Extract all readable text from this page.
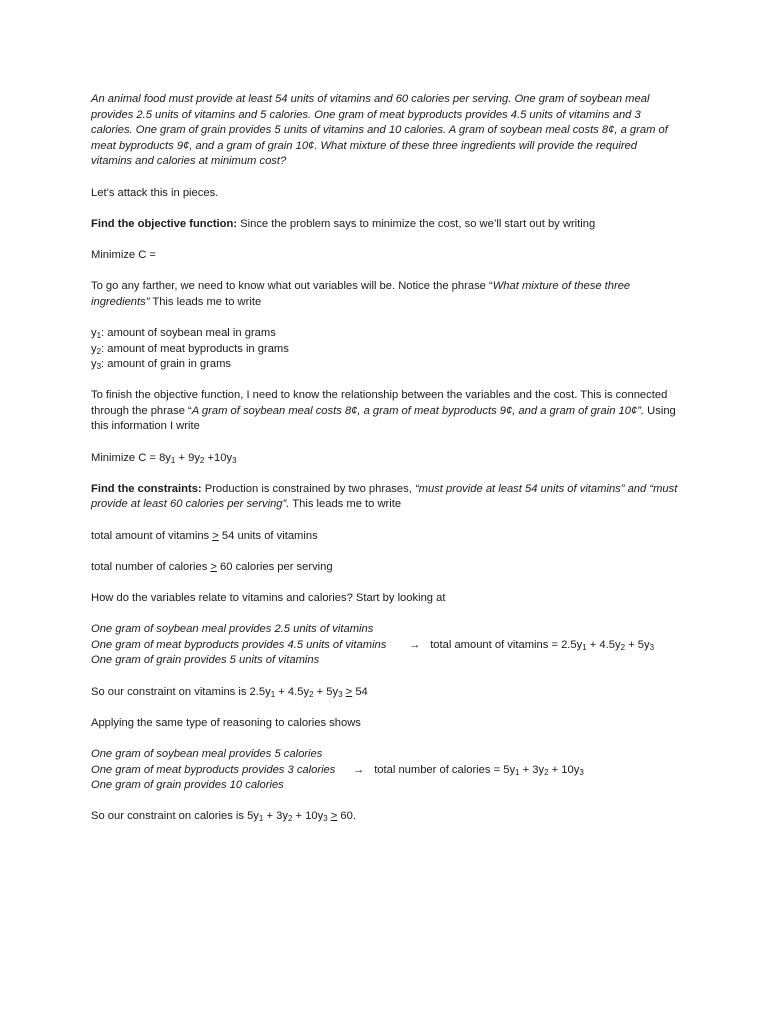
An animal food must provide at least 54 units of vitamins and 60 calories per serving. One gram of soybean meal provides 2.5 units of vitamins and 5 calories. One gram of meat byproducts provides 4.5 units of vitamins and 3 calories. One gram of grain provides 5 units of vitamins and 10 calories. A gram of soybean meal costs 8¢, a gram of meat byproducts 9¢, and a gram of grain 10¢. What mixture of these three ingredients will provide the required vitamins and calories at minimum cost?

Let’s attack this in pieces.

Find the objective function: Since the problem says to minimize the cost, so we’ll start out by writing

Minimize C =

To go any farther, we need to know what out variables will be. Notice the phrase “What mixture of these three ingredients” This leads me to write

$y_1$: amount of soybean meal in grams
$y_2$: amount of meat byproducts in grams
$y_3$: amount of grain in grams

To finish the objective function, I need to know the relationship between the variables and the cost. This is connected through the phrase “A gram of soybean meal costs 8¢, a gram of meat byproducts 9¢, and a gram of grain 10¢”. Using this information I write

Minimize $C = 8y_1 + 9y_2 +10y_3$

Find the constraints: Production is constrained by two phrases, “must provide at least 54 units of vitamins” and “must provide at least 60 calories per serving”. This leads me to write

total amount of vitamins > 54 units of vitamins

total number of calories > 60 calories per serving

How do the variables relate to vitamins and calories? Start by looking at

One gram of soybean meal provides 2.5 units of vitamins
One gram of meat byproducts provides 4.5 units of vitamins	→ total amount of vitamins = $2.5y_1 + 4.5y_2 + 5y_3$
One gram of grain provides 5 units of vitamins

So our constraint on vitamins is $2.5y_1 + 4.5y_2 + 5y_3 > 54$

Applying the same type of reasoning to calories shows

One gram of soybean meal provides 5 calories
One gram of meat byproducts provides 3 calories	→ total number of calories = $5y_1 + 3y_2 + 10y_3$
One gram of grain provides 10 calories

So our constraint on calories is $5y_1 + 3y_2 + 10y_3 > 60$.
